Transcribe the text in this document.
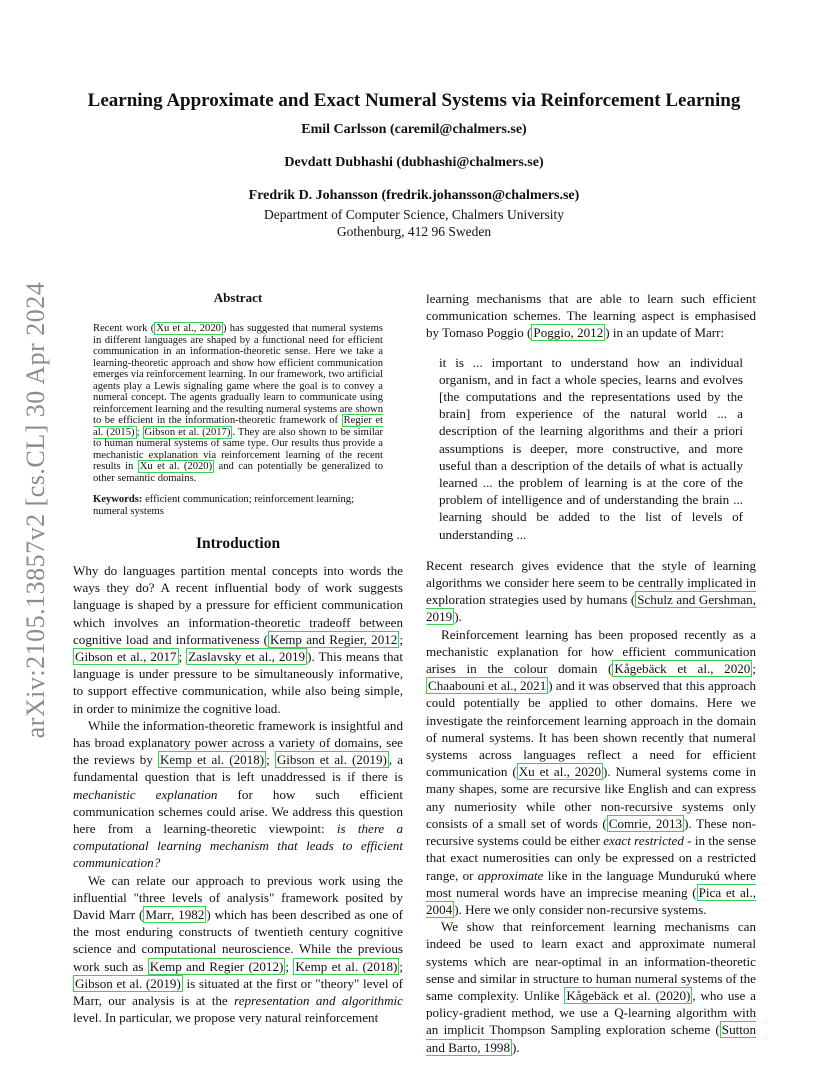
arXiv:2105.13857v2 [cs.CL] 30 Apr 2024
Learning Approximate and Exact Numeral Systems via Reinforcement Learning
Emil Carlsson (caremil@chalmers.se)
Devdatt Dubhashi (dubhashi@chalmers.se)
Fredrik D. Johansson (fredrik.johansson@chalmers.se)
Department of Computer Science, Chalmers University
Gothenburg, 412 96 Sweden
Abstract
Recent work ( Xu et al., 2020 ) has suggested that numeral systems in different languages are shaped by a functional need for efficient communication in an information-theoretic sense. Here we take a learning-theoretic approach and show how efficient communication emerges via reinforcement learning. In our framework, two artificial agents play a Lewis signaling game where the goal is to convey a numeral concept. The agents gradually learn to communicate using reinforcement learning and the resulting numeral systems are shown to be efficient in the information-theoretic framework of Regier et al. (2015) ; Gibson et al. (2017) . They are also shown to be similar to human numeral systems of same type. Our results thus provide a mechanistic explanation via reinforcement learning of the recent results in Xu et al. (2020) and can potentially be generalized to other semantic domains.
Keywords: efficient communication; reinforcement learning; numeral systems
Introduction

Why do languages partition mental concepts into words the ways they do? A recent influential body of work suggests language is shaped by a pressure for efficient communication which involves an information-theoretic tradeoff between cognitive load and informativeness ( Kemp and Regier, 2012 ; Gibson et al., 2017 ; Zaslavsky et al., 2019 ). This means that language is under pressure to be simultaneously informative, to support effective communication, while also being simple, in order to minimize the cognitive load.

While the information-theoretic framework is insightful and has broad explanatory power across a variety of domains, see the reviews by Kemp et al. (2018) ; Gibson et al. (2019) , a fundamental question that is left unaddressed is if there is mechanistic explanation for how such efficient communication schemes could arise. We address this question here from a learning-theoretic viewpoint: is there a computational learning mechanism that leads to efficient communication?

We can relate our approach to previous work using the influential "three levels of analysis" framework posited by David Marr ( Marr, 1982 ) which has been described as one of the most enduring constructs of twentieth century cognitive science and computational neuroscience. While the previous work such as Kemp and Regier (2012) ; Kemp et al. (2018) ; Gibson et al. (2019) is situated at the first or "theory" level of Marr, our analysis is at the representation and algorithmic level. In particular, we propose very natural reinforcement

learning mechanisms that are able to learn such efficient communication schemes. The learning aspect is emphasised by Tomaso Poggio ( Poggio, 2012 ) in an update of Marr:

it is ... important to understand how an individual organism, and in fact a whole species, learns and evolves [the computations and the representations used by the brain] from experience of the natural world ... a description of the learning algorithms and their a priori assumptions is deeper, more constructive, and more useful than a description of the details of what is actually learned ... the problem of learning is at the core of the problem of intelligence and of understanding the brain ... learning should be added to the list of levels of understanding ...

Recent research gives evidence that the style of learning algorithms we consider here seem to be centrally implicated in exploration strategies used by humans ( Schulz and Gershman, 2019 ).

Reinforcement learning has been proposed recently as a mechanistic explanation for how efficient communication arises in the colour domain ( Kågebäck et al., 2020 ; Chaabouni et al., 2021 ) and it was observed that this approach could potentially be applied to other domains. Here we investigate the reinforcement learning approach in the domain of numeral systems. It has been shown recently that numeral systems across languages reflect a need for efficient communication ( Xu et al., 2020 ). Numeral systems come in many shapes, some are recursive like English and can express any numeriosity while other non-recursive systems only consists of a small set of words ( Comrie, 2013 ). These non-recursive systems could be either exact restricted - in the sense that exact numerosities can only be expressed on a restricted range, or approximate like in the language Mundurukú where most numeral words have an imprecise meaning ( Pica et al., 2004 ). Here we only consider non-recursive systems.

We show that reinforcement learning mechanisms can indeed be used to learn exact and approximate numeral systems which are near-optimal in an information-theoretic sense and similar in structure to human numeral systems of the same complexity. Unlike Kågebäck et al. (2020) , who use a policy-gradient method, we use a Q-learning algorithm with an implicit Thompson Sampling exploration scheme ( Sutton and Barto, 1998 ).
